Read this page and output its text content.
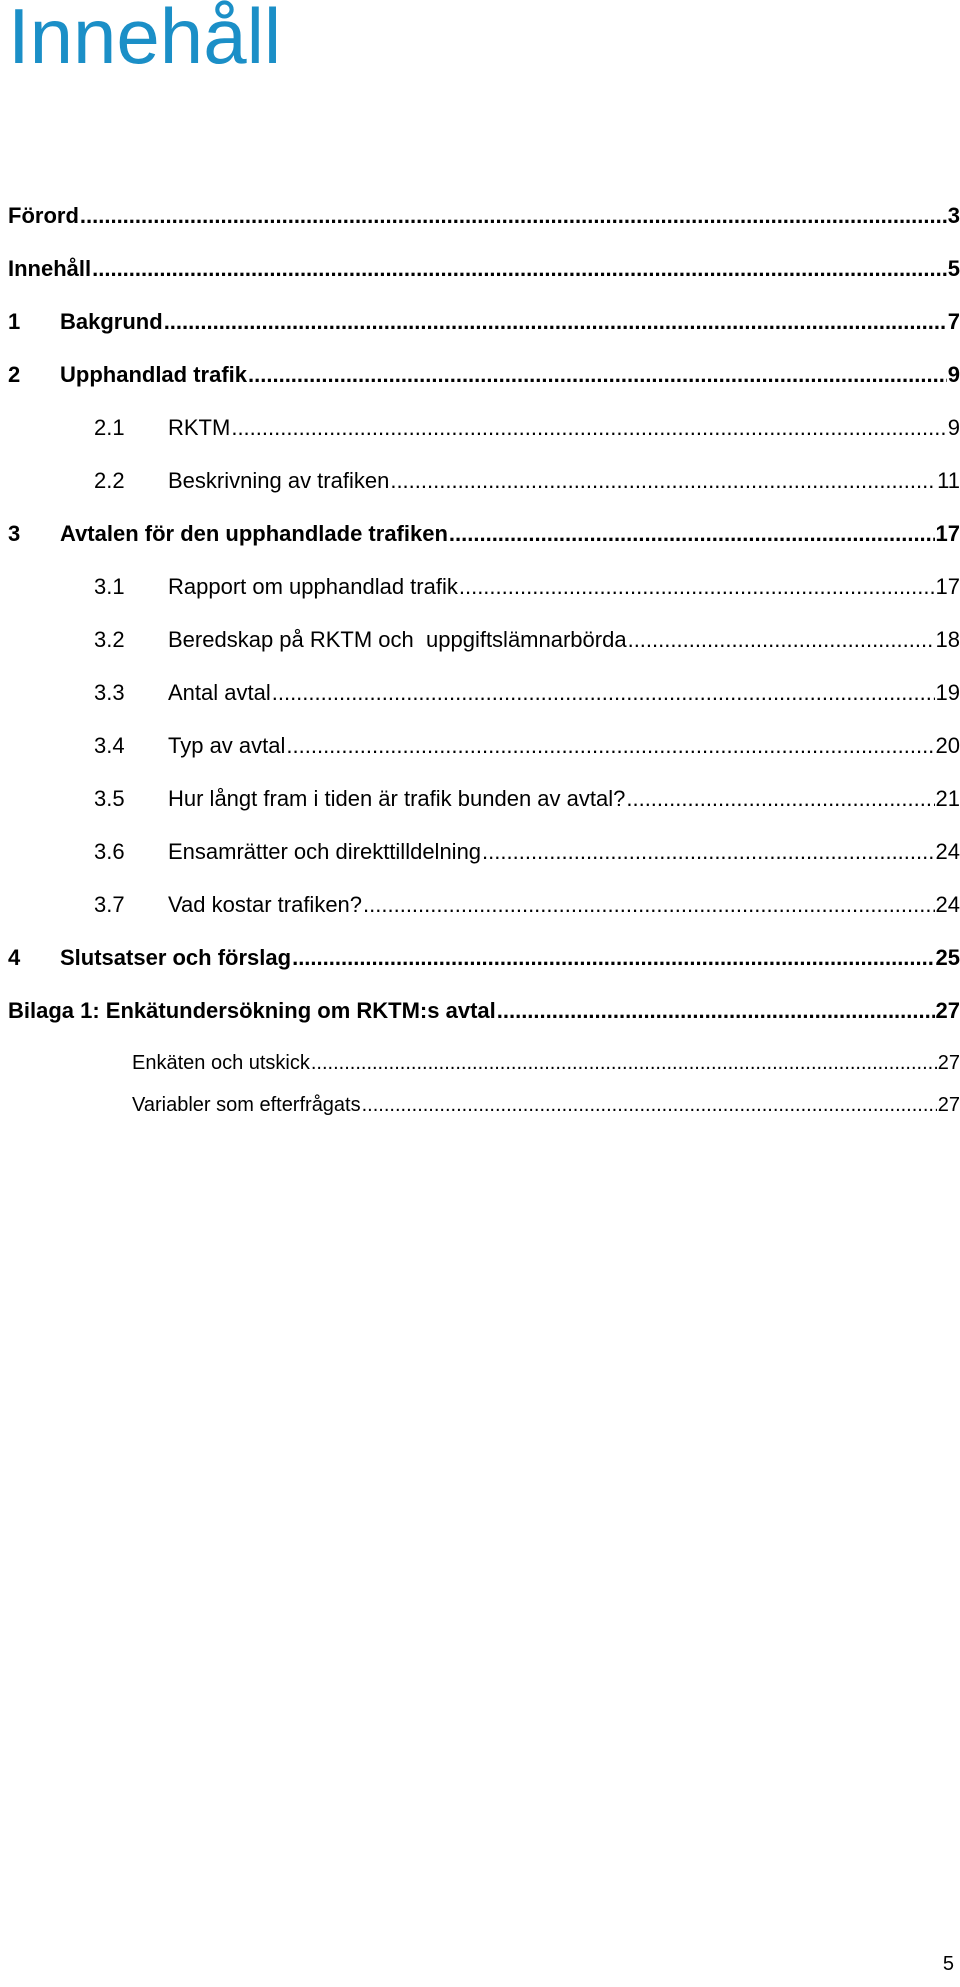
Innehåll
Förord .....	3
Innehåll .....	5
1	Bakgrund .....	7
2	Upphandlad trafik .....	9
2.1	RKTM .....	9
2.2	Beskrivning av trafiken .....	11
3	Avtalen för den upphandlade trafiken .....	17
3.1	Rapport om upphandlad trafik .....	17
3.2	Beredskap på RKTM och  uppgiftslämnarbörda .....	18
3.3	Antal avtal .....	19
3.4	Typ av avtal .....	20
3.5	Hur långt fram i tiden är trafik bunden av avtal? .....	21
3.6	Ensamrätter och direkttilldelning .....	24
3.7	Vad kostar trafiken? .....	24
4	Slutsatser och förslag .....	25
Bilaga 1: Enkätundersökning om RKTM:s avtal .....	27
Enkäten och utskick .....	27
Variabler som efterfrågats .....	27
5
